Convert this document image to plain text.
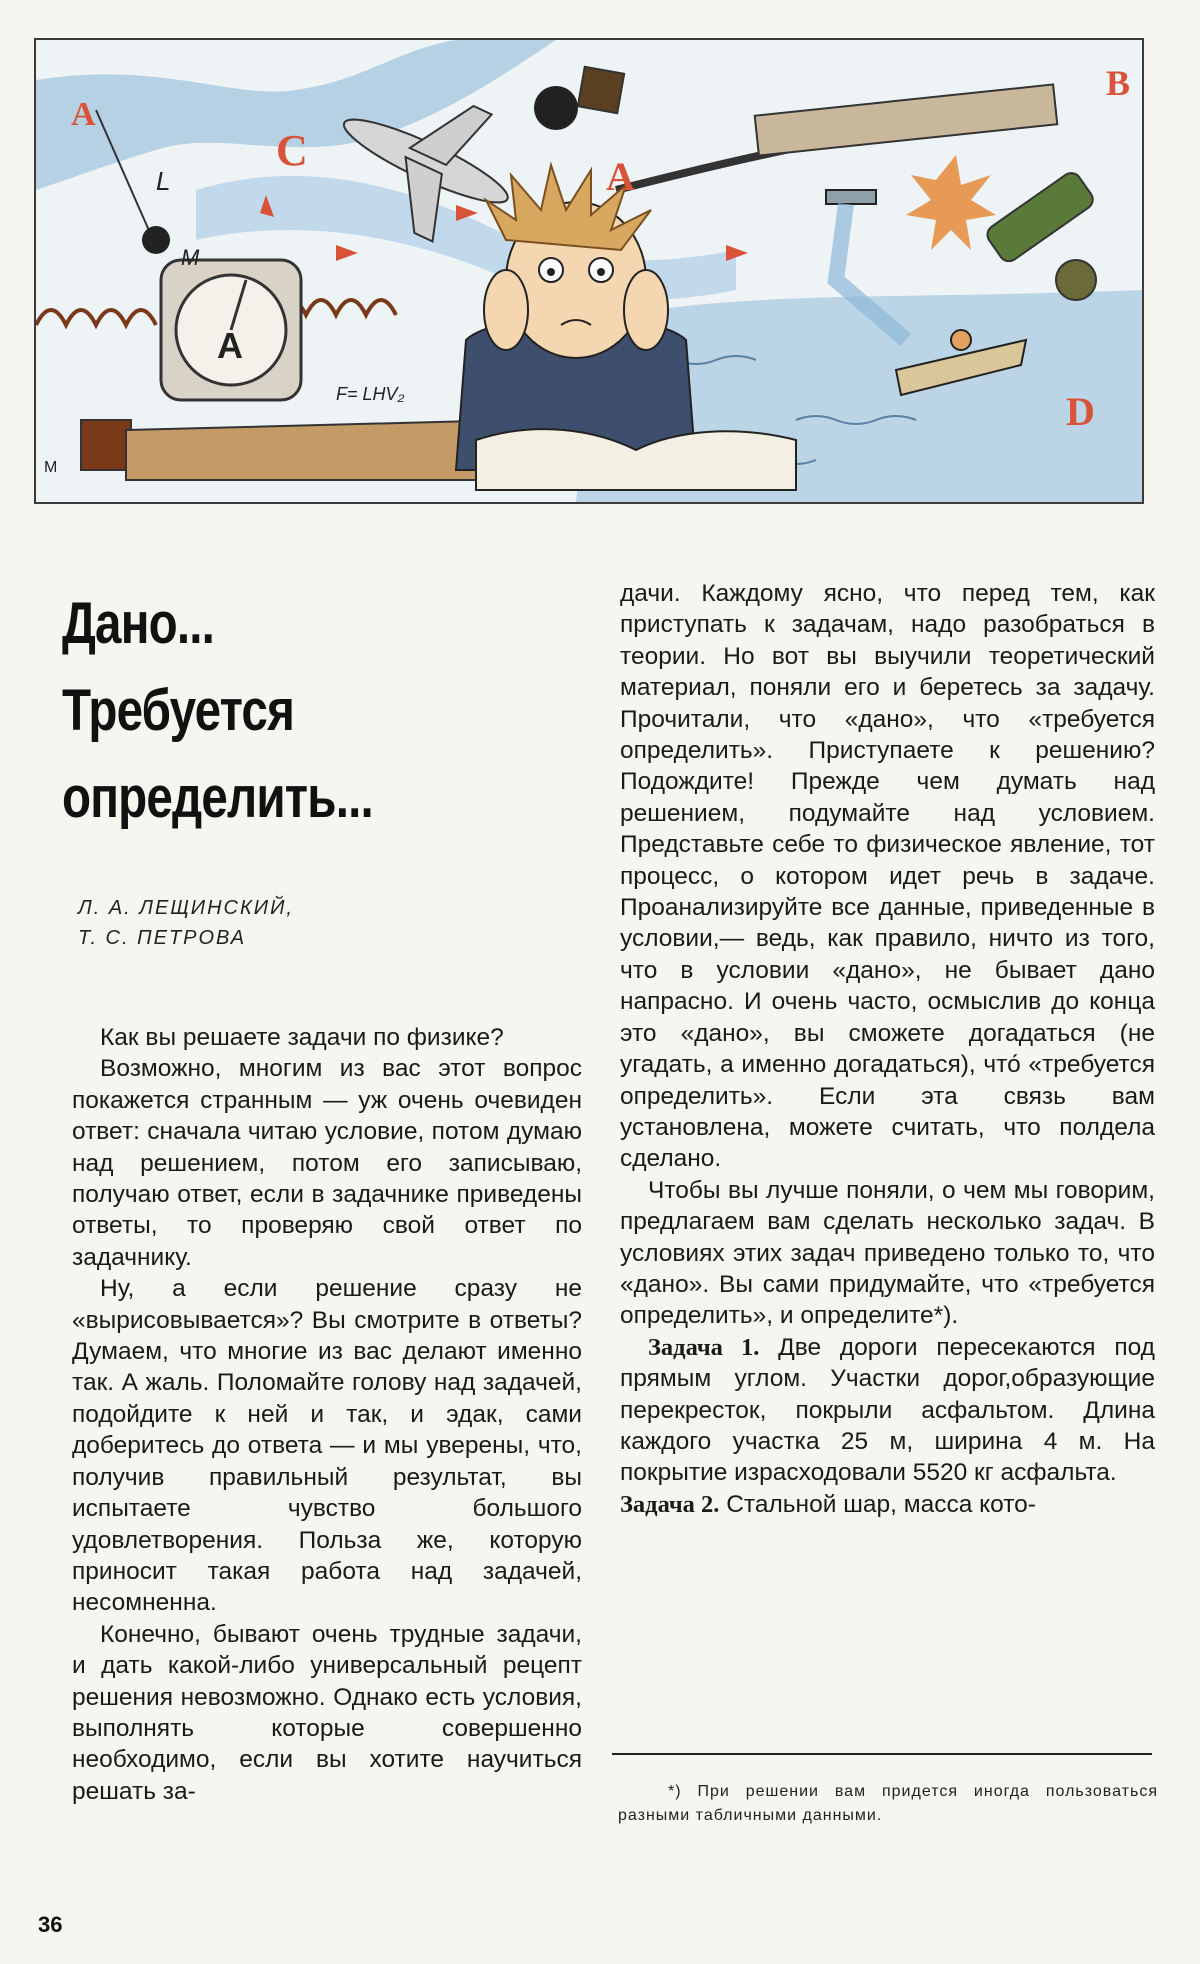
A
C
A
B
D
L
M
A
M
F= LHV₂
Дано...
Требуется
определить...
Л. А. ЛЕЩИНСКИЙ,
Т. С. ПЕТРОВА

Как вы решаете задачи по физике?

Возможно, многим из вас этот вопрос покажется странным — уж очень очевиден ответ: сначала читаю условие, потом думаю над решением, потом его записываю, получаю ответ, если в задачнике приведены ответы, то проверяю свой ответ по задачнику.

Ну, а если решение сразу не «вырисовывается»? Вы смотрите в ответы? Думаем, что многие из вас делают именно так. А жаль. Поломайте голову над задачей, подойдите к ней и так, и эдак, сами доберитесь до ответа — и мы уверены, что, получив правильный результат, вы испытаете чувство большого удовлетворения. Польза же, которую приносит такая работа над задачей, несомненна.

Конечно, бывают очень трудные задачи, и дать какой-либо универсальный рецепт решения невозможно. Однако есть условия, выполнять которые совершенно необходимо, если вы хотите научиться решать за-

дачи. Каждому ясно, что перед тем, как приступать к задачам, надо разобраться в теории. Но вот вы выучили теоретический материал, поняли его и беретесь за задачу. Прочитали, что «дано», что «требуется определить». Приступаете к решению? Подождите! Прежде чем думать над решением, подумайте над условием. Представьте себе то физическое явление, тот процесс, о котором идет речь в задаче. Проанализируйте все данные, приведенные в условии,— ведь, как правило, ничто из того, что в условии «дано», не бывает дано напрасно. И очень часто, осмыслив до конца это «дано», вы сможете догадаться (не угадать, а именно догадаться), что́ «требуется определить». Если эта связь вам установлена, можете считать, что полдела сделано.

Чтобы вы лучше поняли, о чем мы говорим, предлагаем вам сделать несколько задач. В условиях этих задач приведено только то, что «дано». Вы сами придумайте, что «требуется определить», и определите*).

Задача 1. Две дороги пересекаются под прямым углом. Участки дорог,образующие перекресток, покрыли асфальтом. Длина каждого участка 25 м, ширина 4 м. На покрытие израсходовали 5520 кг асфальта.

Задача 2. Стальной шар, масса кото-

*) При решении вам придется иногда пользоваться разными табличными данными.
36
